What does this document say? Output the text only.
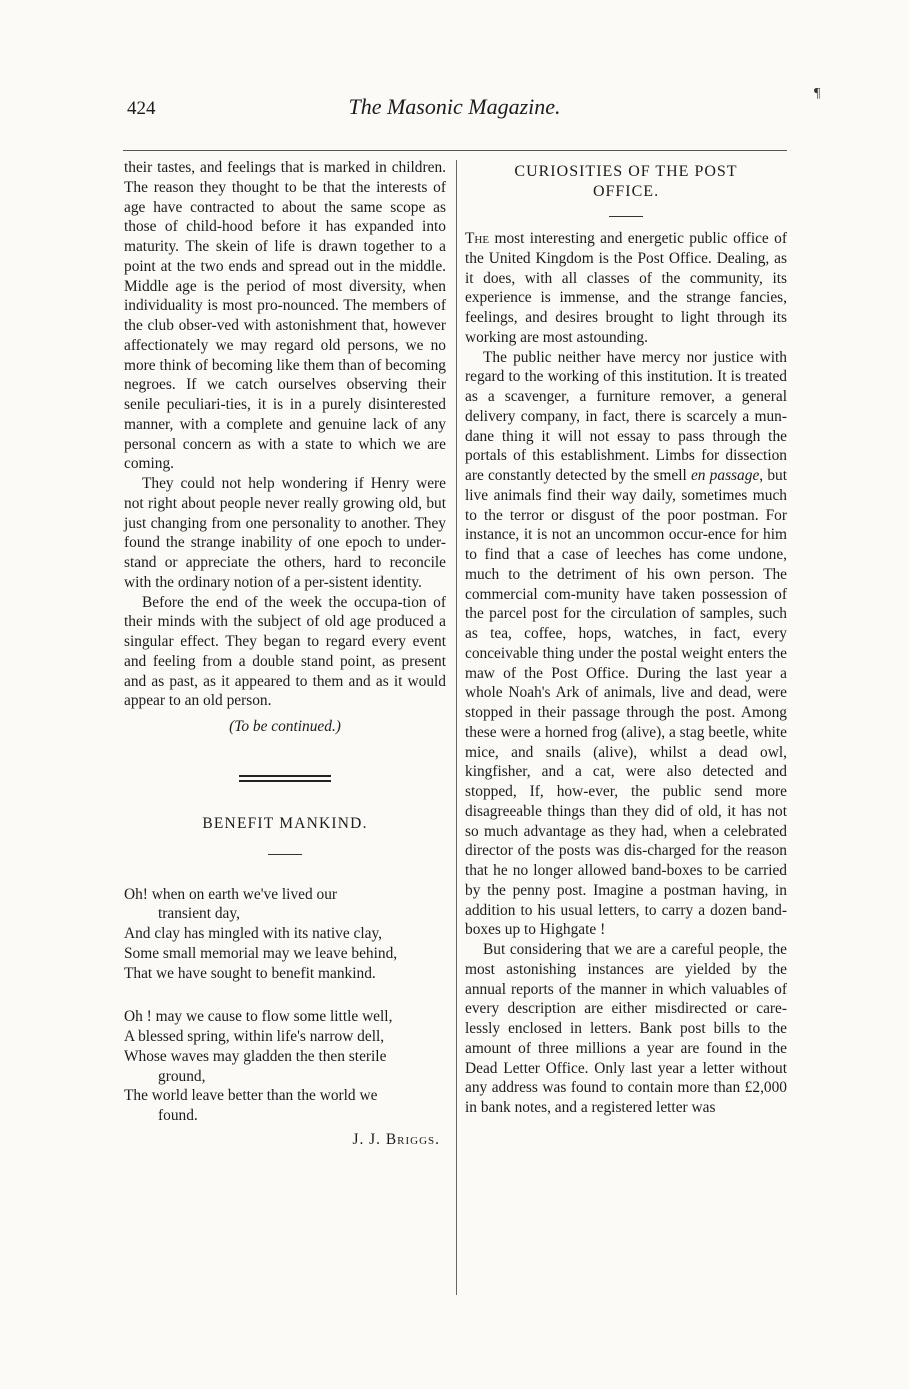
¶
424	The Masonic Magazine.

their tastes, and feelings that is marked in children. The reason they thought to be that the interests of age have contracted to about the same scope as those of child-hood before it has expanded into maturity. The skein of life is drawn together to a point at the two ends and spread out in the middle. Middle age is the period of most diversity, when individuality is most pro-nounced. The members of the club obser-ved with astonishment that, however affectionately we may regard old persons, we no more think of becoming like them than of becoming negroes. If we catch ourselves observing their senile peculiari-ties, it is in a purely disinterested manner, with a complete and genuine lack of any personal concern as with a state to which we are coming.

They could not help wondering if Henry were not right about people never really growing old, but just changing from one personality to another. They found the strange inability of one epoch to under-stand or appreciate the others, hard to reconcile with the ordinary notion of a per-sistent identity.

Before the end of the week the occupa-tion of their minds with the subject of old age produced a singular effect. They began to regard every event and feeling from a double stand point, as present and as past, as it appeared to them and as it would appear to an old person.

(To be continued.)
BENEFIT MANKIND.
Oh! when on earth we've lived our
transient day,
And clay has mingled with its native clay,
Some small memorial may we leave behind,
That we have sought to benefit mankind.
Oh ! may we cause to flow some little well,
A blessed spring, within life's narrow dell,
Whose waves may gladden the then sterile
ground,
The world leave better than the world we
found.
J. J. Briggs.
CURIOSITIES OF THE POST
OFFICE.

The most interesting and energetic public office of the United Kingdom is the Post Office. Dealing, as it does, with all classes of the community, its experience is immense, and the strange fancies, feelings, and desires brought to light through its working are most astounding.

The public neither have mercy nor justice with regard to the working of this institution. It is treated as a scavenger, a furniture remover, a general delivery company, in fact, there is scarcely a mun-dane thing it will not essay to pass through the portals of this establishment. Limbs for dissection are constantly detected by the smell en passage, but live animals find their way daily, sometimes much to the terror or disgust of the poor postman. For instance, it is not an uncommon occur-ence for him to find that a case of leeches has come undone, much to the detriment of his own person. The commercial com-munity have taken possession of the parcel post for the circulation of samples, such as tea, coffee, hops, watches, in fact, every conceivable thing under the postal weight enters the maw of the Post Office. During the last year a whole Noah's Ark of animals, live and dead, were stopped in their passage through the post. Among these were a horned frog (alive), a stag beetle, white mice, and snails (alive), whilst a dead owl, kingfisher, and a cat, were also detected and stopped, If, how-ever, the public send more disagreeable things than they did of old, it has not so much advantage as they had, when a celebrated director of the posts was dis-charged for the reason that he no longer allowed band-boxes to be carried by the penny post. Imagine a postman having, in addition to his usual letters, to carry a dozen band-boxes up to Highgate !

But considering that we are a careful people, the most astonishing instances are yielded by the annual reports of the manner in which valuables of every description are either misdirected or care-lessly enclosed in letters. Bank post bills to the amount of three millions a year are found in the Dead Letter Office. Only last year a letter without any address was found to contain more than £2,000 in bank notes, and a registered letter was
